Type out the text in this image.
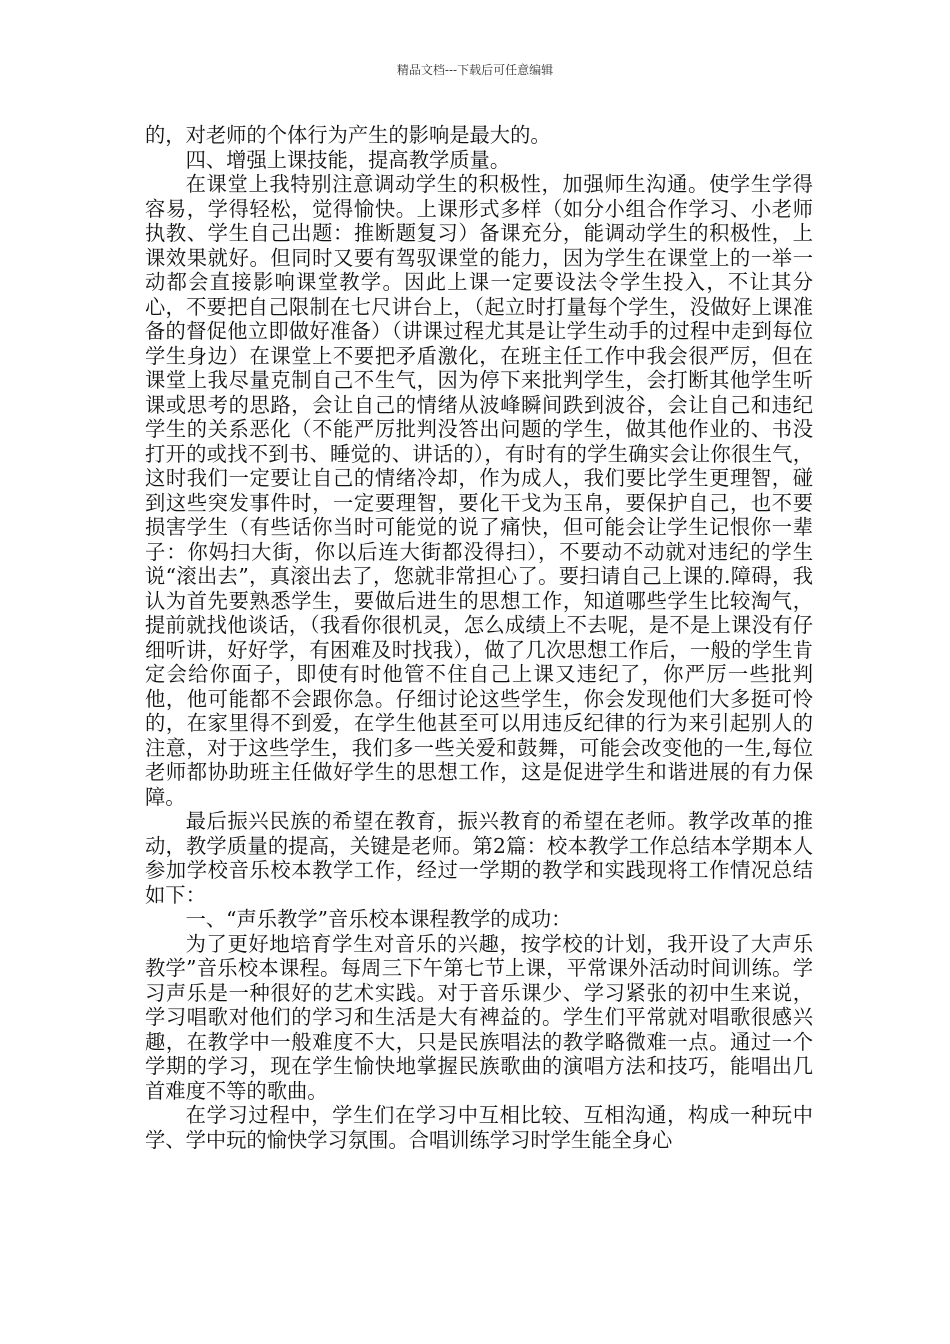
精品文档---下载后可任意编辑

的，对老师的个体行为产生的影响是最大的。

四、增强上课技能，提高教学质量。

在课堂上我特别注意调动学生的积极性，加强师生沟通。使学生学得容易，学得轻松，觉得愉快。上课形式多样（如分小组合作学习、小老师执教、学生自己出题：推断题复习）备课充分，能调动学生的积极性，上课效果就好。但同时又要有驾驭课堂的能力，因为学生在课堂上的一举一动都会直接影响课堂教学。因此上课一定要设法令学生投入，不让其分心，不要把自己限制在七尺讲台上，（起立时打量每个学生，没做好上课准备的督促他立即做好准备）（讲课过程尤其是让学生动手的过程中走到每位学生身边）在课堂上不要把矛盾激化，在班主任工作中我会很严厉，但在课堂上我尽量克制自己不生气，因为停下来批判学生，会打断其他学生听课或思考的思路，会让自己的情绪从波峰瞬间跌到波谷，会让自己和违纪学生的关系恶化（不能严厉批判没答出问题的学生，做其他作业的、书没打开的或找不到书、睡觉的、讲话的），有时有的学生确实会让你很生气，这时我们一定要让自己的情绪冷却，作为成人，我们要比学生更理智，碰到这些突发事件时，一定要理智，要化干戈为玉帛，要保护自己，也不要损害学生（有些话你当时可能觉的说了痛快，但可能会让学生记恨你一辈子：你妈扫大街，你以后连大街都没得扫），不要动不动就对违纪的学生说“滚出去”，真滚出去了，您就非常担心了。要扫请自己上课的.障碍，我认为首先要熟悉学生，要做后进生的思想工作，知道哪些学生比较淘气，提前就找他谈话，（我看你很机灵，怎么成绩上不去呢，是不是上课没有仔细听讲，好好学，有困难及时找我），做了几次思想工作后，一般的学生肯定会给你面子，即使有时他管不住自己上课又违纪了，你严厉一些批判他，他可能都不会跟你急。仔细讨论这些学生，你会发现他们大多挺可怜的，在家里得不到爱，在学生他甚至可以用违反纪律的行为来引起别人的注意，对于这些学生，我们多一些关爱和鼓舞，可能会改变他的一生,每位老师都协助班主任做好学生的思想工作，这是促进学生和谐进展的有力保障。

最后振兴民族的希望在教育，振兴教育的希望在老师。教学改革的推动，教学质量的提高，关键是老师。第2篇：校本教学工作总结本学期本人参加学校音乐校本教学工作，经过一学期的教学和实践现将工作情况总结如下：

一、“声乐教学”音乐校本课程教学的成功：

为了更好地培育学生对音乐的兴趣，按学校的计划，我开设了大声乐教学”音乐校本课程。每周三下午第七节上课，平常课外活动时间训练。学习声乐是一种很好的艺术实践。对于音乐课少、学习紧张的初中生来说，学习唱歌对他们的学习和生活是大有裨益的。学生们平常就对唱歌很感兴趣，在教学中一般难度不大，只是民族唱法的教学略微难一点。通过一个学期的学习，现在学生愉快地掌握民族歌曲的演唱方法和技巧，能唱出几首难度不等的歌曲。

在学习过程中，学生们在学习中互相比较、互相沟通，构成一种玩中学、学中玩的愉快学习氛围。合唱训练学习时学生能全身心
